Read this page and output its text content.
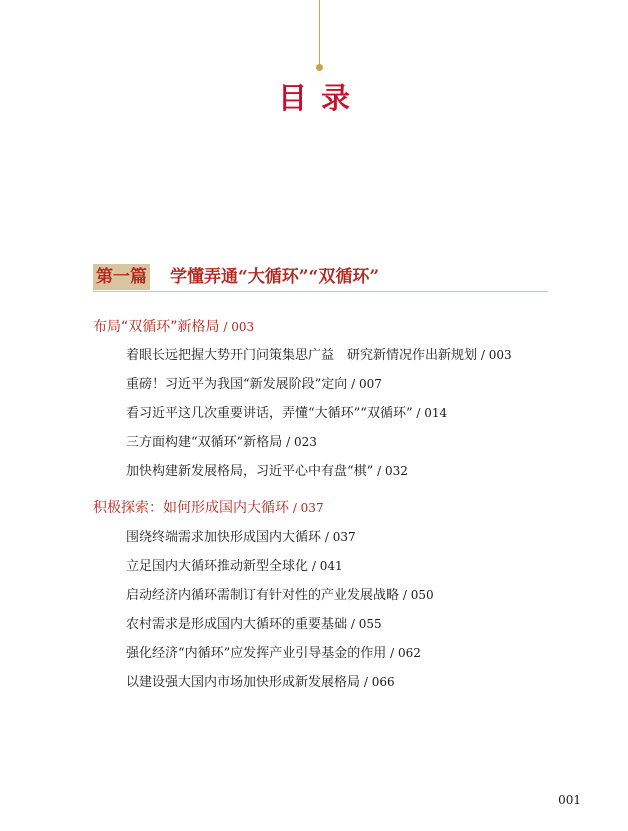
目录
第一篇 学懂弄通“大循环”“双循环”
布局“双循环”新格局 / 003
着眼长远把握大势开门问策集思广益　研究新情况作出新规划 / 003
重磅！习近平为我国“新发展阶段”定向 / 007
看习近平这几次重要讲话，弄懂“大循环”“双循环” / 014
三方面构建“双循环”新格局 / 023
加快构建新发展格局，习近平心中有盘“棋” / 032
积极探索：如何形成国内大循环 / 037
围绕终端需求加快形成国内大循环 / 037
立足国内大循环推动新型全球化 / 041
启动经济内循环需制订有针对性的产业发展战略 / 050
农村需求是形成国内大循环的重要基础 / 055
强化经济“内循环”应发挥产业引导基金的作用 / 062
以建设强大国内市场加快形成新发展格局 / 066
001
